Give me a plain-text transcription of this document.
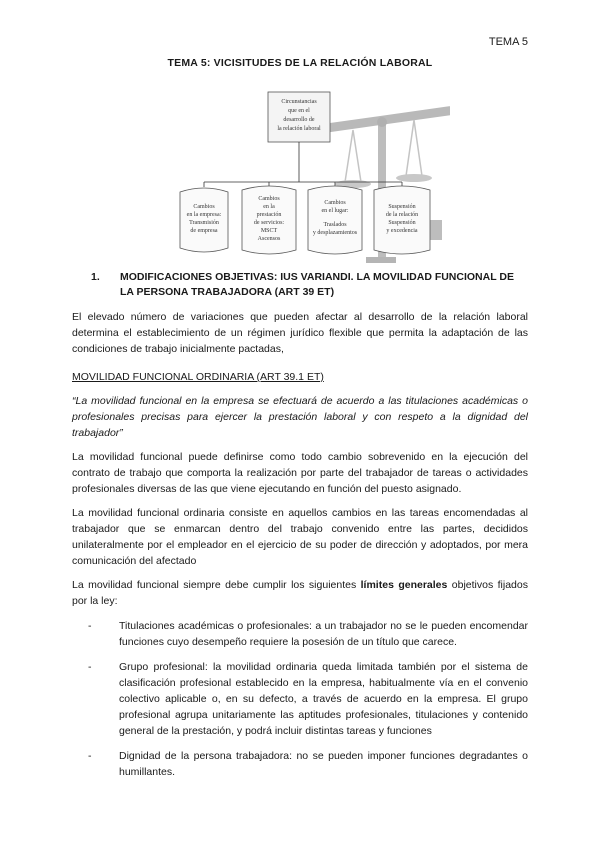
TEMA 5
TEMA 5: VICISITUDES DE LA RELACIÓN LABORAL
Circunstancias
que en el
desarrollo de
la relación laboral
Cambios
en la empresa:
Transmisión
de empresa
Cambios
en la
prestación
de servicios:
MSCT
Ascensos
Cambios
en el lugar:
Traslados
y desplazamientos
Suspensión
de la relación
Suspensión
y excedencia
1.	MODIFICACIONES OBJETIVAS: IUS VARIANDI. LA MOVILIDAD FUNCIONAL DE LA PERSONA TRABAJADORA (ART 39 ET)

El elevado número de variaciones que pueden afectar al desarrollo de la relación laboral determina el establecimiento de un régimen jurídico flexible que permita la adaptación de las condiciones de trabajo inicialmente pactadas,

MOVILIDAD FUNCIONAL ORDINARIA (ART 39.1 ET)

“La movilidad funcional en la empresa se efectuará de acuerdo a las titulaciones académicas o profesionales precisas para ejercer la prestación laboral y con respeto a la dignidad del trabajador”

La movilidad funcional puede definirse como todo cambio sobrevenido en la ejecución del contrato de trabajo que comporta la realización por parte del trabajador de tareas o actividades profesionales diversas de las que viene ejecutando en función del puesto asignado.

La movilidad funcional ordinaria consiste en aquellos cambios en las tareas encomendadas al trabajador que se enmarcan dentro del trabajo convenido entre las partes, decididos unilateralmente por el empleador en el ejercicio de su poder de dirección y adoptados, por mera comunicación del afectado

La movilidad funcional siempre debe cumplir los siguientes límites generales objetivos fijados por la ley:

-	Titulaciones académicas o profesionales: a un trabajador no se le pueden encomendar funciones cuyo desempeño requiere la posesión de un título que carece.
-	Grupo profesional: la movilidad ordinaria queda limitada también por el sistema de clasificación profesional establecido en la empresa, habitualmente vía en el convenio colectivo aplicable o, en su defecto, a través de acuerdo en la empresa. El grupo profesional agrupa unitariamente las aptitudes profesionales, titulaciones y contenido general de la prestación, y podrá incluir distintas tareas y funciones
-	Dignidad de la persona trabajadora: no se pueden imponer funciones degradantes o humillantes.
